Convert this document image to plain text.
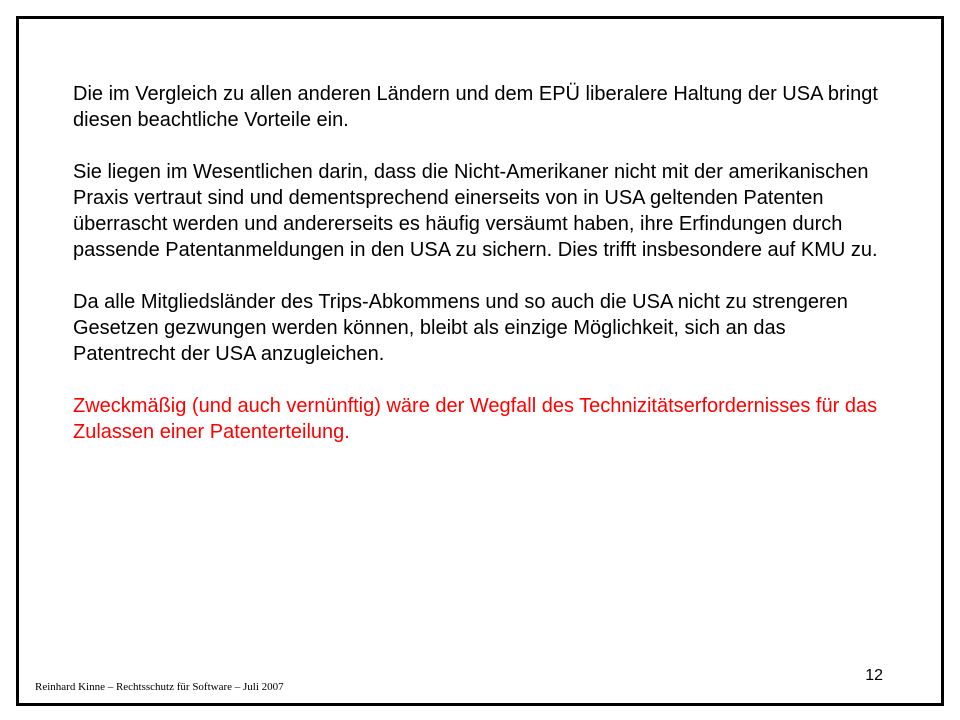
Die im Vergleich zu allen anderen Ländern und dem EPÜ liberalere Haltung der USA bringt diesen beachtliche Vorteile ein.

Sie liegen im Wesentlichen darin, dass die Nicht-Amerikaner nicht mit der amerikanischen Praxis vertraut sind und dementsprechend einerseits von in USA geltenden Patenten überrascht werden und andererseits es häufig versäumt haben, ihre Erfindungen durch passende Patentanmeldungen in den USA zu sichern. Dies trifft insbesondere auf KMU zu.

Da alle Mitgliedsländer des Trips-Abkommens und so auch die USA nicht zu strengeren Gesetzen gezwungen werden können, bleibt als einzige Möglichkeit, sich an das Patentrecht der USA anzugleichen.

Zweckmäßig (und auch vernünftig) wäre der Wegfall des Technizitätserfordernisses für das Zulassen einer Patenterteilung.

12
Reinhard Kinne – Rechtsschutz für Software – Juli 2007
